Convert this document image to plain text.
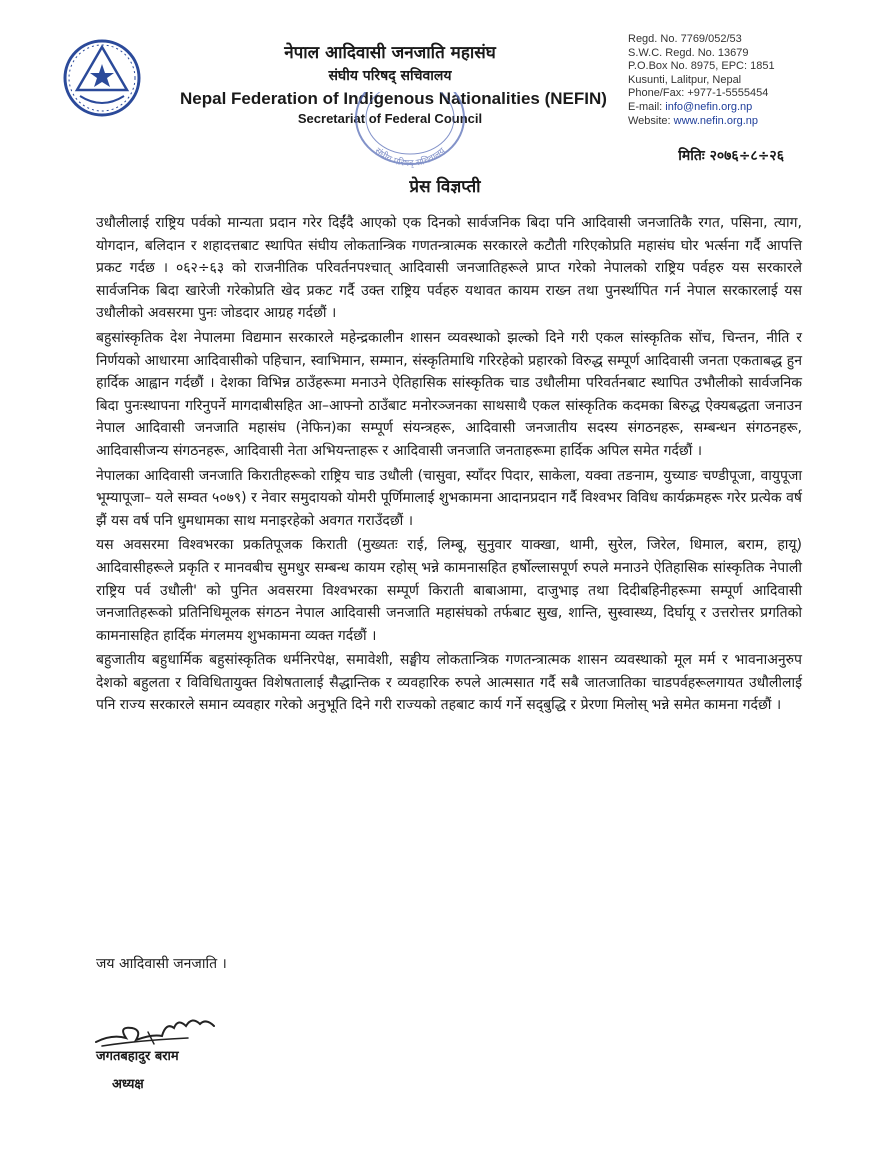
नेपाल आदिवासी जनजाति महासंघ

संघीय परिषद् सचिवालय

Nepal Federation of Indigenous Nationalities (NEFIN)

Secretariat of Federal Council

संघीय परिषद् सचिवालय
Regd. No. 7769/052/53
S.W.C. Regd. No. 13679
P.O.Box No. 8975, EPC: 1851
Kusunti, Lalitpur, Nepal
Phone/Fax: +977-1-5555454
E-mail: info@nefin.org.np
Website: www.nefin.org.np
मितिः २०७६÷८÷२६
प्रेस विज्ञप्ती

उधौलीलाई राष्ट्रिय पर्वको मान्यता प्रदान गरेर दिईंदै आएको एक दिनको सार्वजनिक बिदा पनि आदिवासी जनजातिकै रगत, पसिना, त्याग, योगदान, बलिदान र शहादत्तबाट स्थापित संघीय लोकतान्त्रिक गणतन्त्रात्मक सरकारले कटौती गरिएकोप्रति महासंघ घोर भर्त्सना गर्दै आपत्ति प्रकट गर्दछ । ०६२÷६३ को राजनीतिक परिवर्तनपश्चात् आदिवासी जनजातिहरूले प्राप्त गरेको नेपालको राष्ट्रिय पर्वहरु यस सरकारले सार्वजनिक बिदा खारेजी गरेकोप्रति खेद प्रकट गर्दै उक्त राष्ट्रिय पर्वहरु यथावत कायम राख्न तथा पुनर्स्थापित गर्न नेपाल सरकारलाई यस उधौलीको अवसरमा पुनः जोडदार आग्रह गर्दछौं ।

बहुसांस्कृतिक देश नेपालमा विद्यमान सरकारले महेन्द्रकालीन शासन व्यवस्थाको झल्को दिने गरी एकल सांस्कृतिक सोंच, चिन्तन, नीति र निर्णयको आधारमा आदिवासीको पहिचान, स्वाभिमान, सम्मान, संस्कृतिमाथि गरिरहेको प्रहारको विरुद्ध सम्पूर्ण आदिवासी जनता एकताबद्ध हुन हार्दिक आह्वान गर्दछौं । देशका विभिन्न ठाउँहरूमा मनाउने ऐतिहासिक सांस्कृतिक चाड उधौलीमा परिवर्तनबाट स्थापित उभौलीको सार्वजनिक बिदा पुनःस्थापना गरिनुपर्ने मागदाबीसहित आ–आफ्नो ठाउँबाट मनोरञ्जनका साथसाथै एकल सांस्कृतिक कदमका बिरुद्ध ऐक्यबद्धता जनाउन नेपाल आदिवासी जनजाति महासंघ (नेफिन)का सम्पूर्ण संयन्त्रहरू, आदिवासी जनजातीय सदस्य संगठनहरू, सम्बन्धन संगठनहरू, आदिवासीजन्य संगठनहरू, आदिवासी नेता अभियन्ताहरू र आदिवासी जनजाति जनताहरूमा हार्दिक अपिल समेत गर्दछौं ।

नेपालका आदिवासी जनजाति किरातीहरूको राष्ट्रिय चाड उधौली (चासुवा, स्याँदर पिदार, साकेला, यक्वा तङनाम, युच्याङ चण्डीपूजा, वायुपूजा भूम्यापूजा– यले सम्वत ५०७९) र नेवार समुदायको योमरी पूर्णिमालाई शुभकामना आदानप्रदान गर्दै विश्वभर विविध कार्यक्रमहरू गरेर प्रत्येक वर्ष झैं यस वर्ष पनि धुमधामका साथ मनाइरहेको अवगत गराउँदछौं ।

यस अवसरमा विश्वभरका प्रकतिपूजक किराती (मुख्यतः राई, लिम्बू, सुनुवार याक्खा, थामी, सुरेल, जिरेल, धिमाल, बराम, हायू) आदिवासीहरूले प्रकृति र मानवबीच सुमधुर सम्बन्ध कायम रहोस् भन्ने कामनासहित हर्षोल्लासपूर्ण रुपले मनाउने ऐतिहासिक सांस्कृतिक नेपाली राष्ट्रिय पर्व उधौली' को पुनित अवसरमा विश्वभरका सम्पूर्ण किराती बाबाआमा, दाजुभाइ तथा दिदीबहिनीहरूमा सम्पूर्ण आदिवासी जनजातिहरूको प्रतिनिधिमूलक संगठन नेपाल आदिवासी जनजाति महासंघको तर्फबाट सुख, शान्ति, सुस्वास्थ्य, दिर्घायू र उत्तरोत्तर प्रगतिको कामनासहित हार्दिक मंगलमय शुभकामना व्यक्त गर्दछौं ।

बहुजातीय बहुधार्मिक बहुसांस्कृतिक धर्मनिरपेक्ष, समावेशी, सङ्घीय लोकतान्त्रिक गणतन्त्रात्मक शासन व्यवस्थाको मूल मर्म र भावनाअनुरुप देशको बहुलता र विविधितायुक्त विशेषतालाई सैद्धान्तिक र व्यवहारिक रुपले आत्मसात गर्दै सबै जातजातिका चाडपर्वहरूलगायत उधौलीलाई पनि राज्य सरकारले समान व्यवहार गरेको अनुभूति दिने गरी राज्यको तहबाट कार्य गर्ने सद्‌बुद्धि र प्रेरणा मिलोस् भन्ने समेत कामना गर्दछौं ।

जय आदिवासी जनजाति ।
जगतबहादुर बराम
अध्यक्ष
